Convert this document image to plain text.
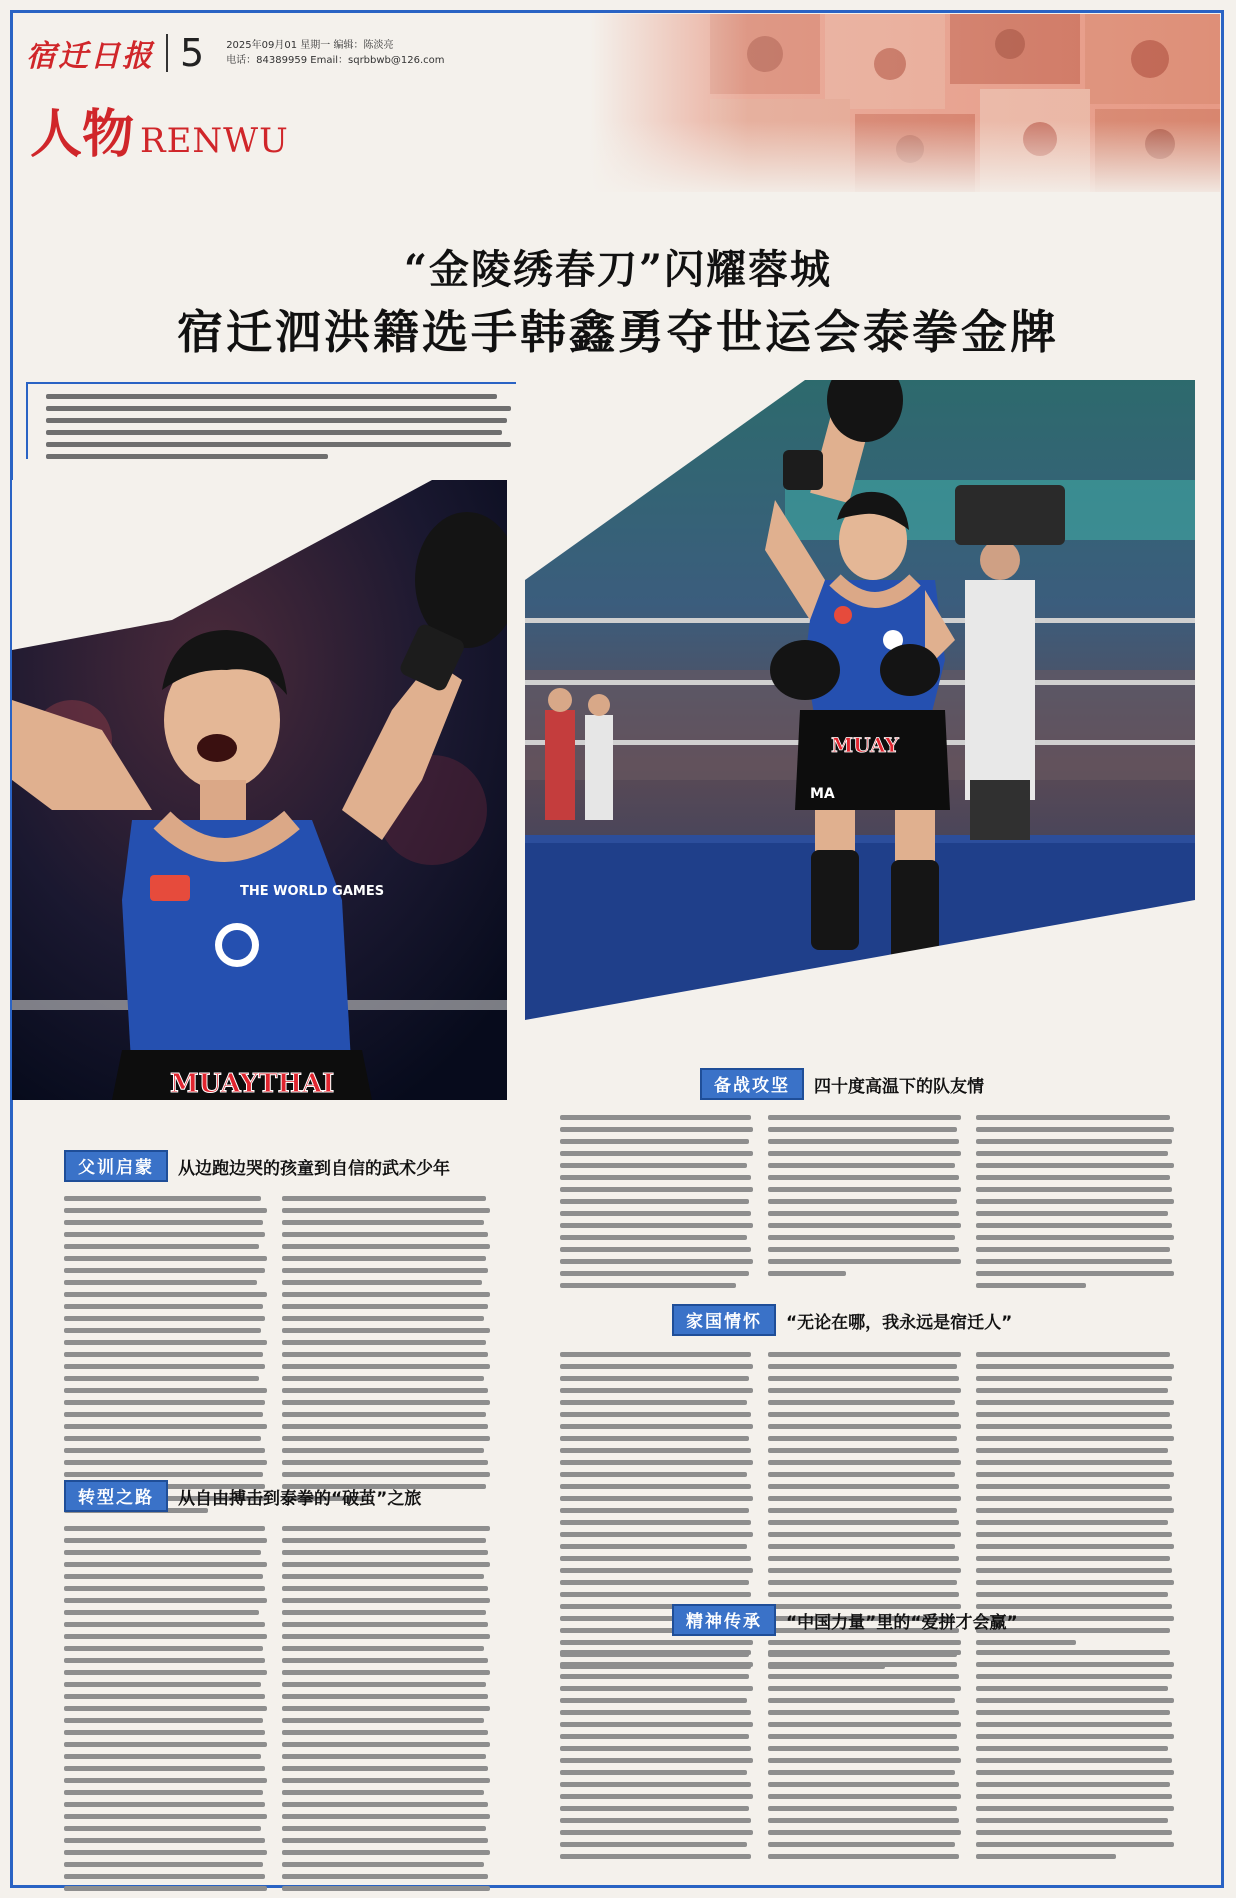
宿迁日报 5 2025年09月01 星期一 编辑：陈淡亮
电话：84389959 Email：sqrbbwb@126.com
人物 RENWU
“金陵绣春刀”闪耀蓉城
宿迁泗洪籍选手韩鑫勇夺世运会泰拳金牌
THE WORLD GAMES
MUAYTHAI
MUAY
MA
父训启蒙	从边跑边哭的孩童到自信的武术少年
转型之路	从自由搏击到泰拳的“破茧”之旅
备战攻坚	四十度高温下的队友情
家国情怀	“无论在哪，我永远是宿迁人”
精神传承	“中国力量”里的“爱拼才会赢”
